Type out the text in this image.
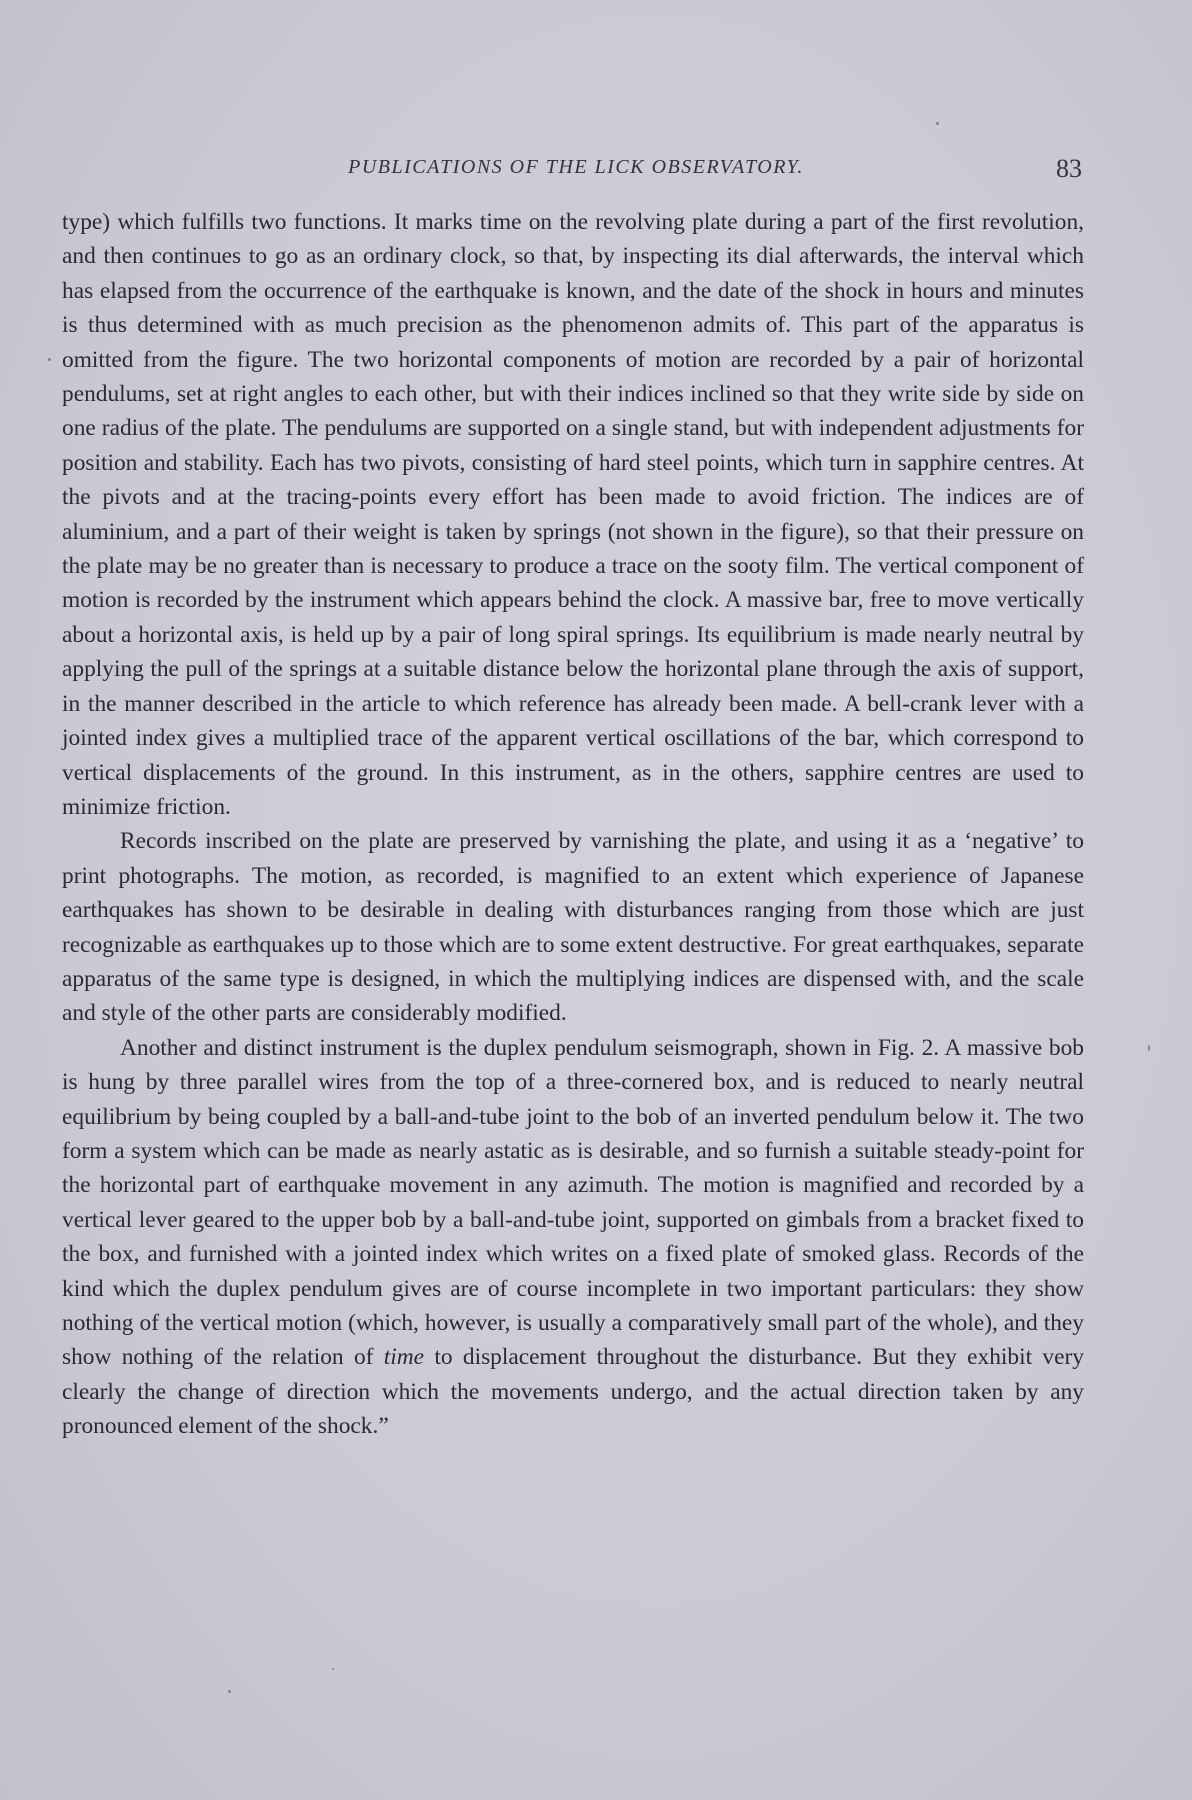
PUBLICATIONS OF THE LICK OBSERVATORY.	83

type) which fulfills two functions. It marks time on the revolving plate during a part of the first revolution, and then continues to go as an ordinary clock, so that, by inspecting its dial afterwards, the interval which has elapsed from the occurrence of the earthquake is known, and the date of the shock in hours and minutes is thus determined with as much precision as the phenomenon admits of. This part of the apparatus is omitted from the figure. The two horizontal components of motion are recorded by a pair of horizontal pendulums, set at right angles to each other, but with their indices inclined so that they write side by side on one radius of the plate. The pendulums are supported on a single stand, but with independent adjustments for position and stability. Each has two pivots, consisting of hard steel points, which turn in sapphire centres. At the pivots and at the tracing-points every effort has been made to avoid friction. The indices are of aluminium, and a part of their weight is taken by springs (not shown in the figure), so that their pressure on the plate may be no greater than is necessary to produce a trace on the sooty film. The vertical component of motion is recorded by the instrument which appears behind the clock. A massive bar, free to move vertically about a horizontal axis, is held up by a pair of long spiral springs. Its equilibrium is made nearly neutral by applying the pull of the springs at a suitable distance below the horizontal plane through the axis of support, in the manner described in the article to which reference has already been made. A bell-crank lever with a jointed index gives a multiplied trace of the apparent vertical oscillations of the bar, which correspond to vertical displacements of the ground. In this instrument, as in the others, sapphire centres are used to minimize friction.

Records inscribed on the plate are preserved by varnishing the plate, and using it as a ‘negative’ to print photographs. The motion, as recorded, is magnified to an extent which experience of Japanese earthquakes has shown to be desirable in dealing with disturbances ranging from those which are just recognizable as earthquakes up to those which are to some extent destructive. For great earthquakes, separate apparatus of the same type is designed, in which the multiplying indices are dispensed with, and the scale and style of the other parts are considerably modified.

Another and distinct instrument is the duplex pendulum seismograph, shown in Fig. 2. A massive bob is hung by three parallel wires from the top of a three-cornered box, and is reduced to nearly neutral equilibrium by being coupled by a ball-and-tube joint to the bob of an inverted pendulum below it. The two form a system which can be made as nearly astatic as is desirable, and so furnish a suitable steady-point for the horizontal part of earthquake movement in any azimuth. The motion is magnified and recorded by a vertical lever geared to the upper bob by a ball-and-tube joint, supported on gimbals from a bracket fixed to the box, and furnished with a jointed index which writes on a fixed plate of smoked glass. Records of the kind which the duplex pendulum gives are of course incomplete in two important particulars: they show nothing of the vertical motion (which, however, is usually a comparatively small part of the whole), and they show nothing of the relation of time to displacement throughout the disturbance. But they exhibit very clearly the change of direction which the movements undergo, and the actual direction taken by any pronounced element of the shock.”
